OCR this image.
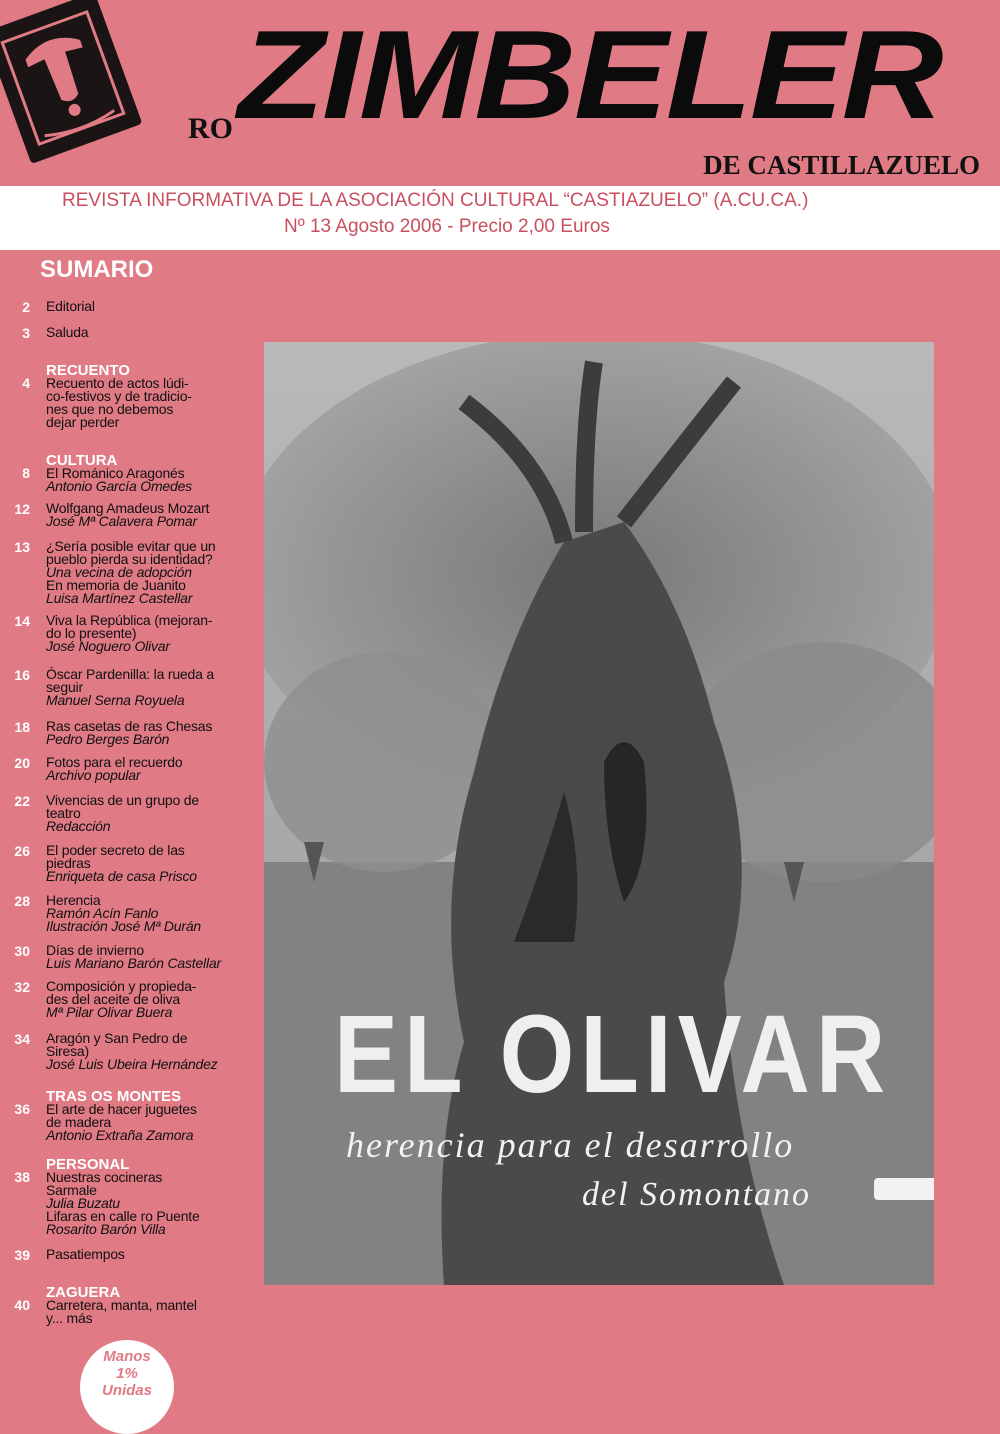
RO ZIMBELER
DE CASTILLAZUELO
REVISTA INFORMATIVA DE LA ASOCIACIÓN CULTURAL “CASTIAZUELO” (A.CU.CA.)
Nº 13 Agosto 2006 - Precio 2,00 Euros
SUMARIO
2 Editorial
3 Saluda
RECUENTO
4 Recuento de actos lúdi-
co-festivos y de tradicio-
nes que no debemos
dejar perder
CULTURA
8 El Románico Aragonés
Antonio García Omedes
12 Wolfgang Amadeus Mozart
José Mª Calavera Pomar
13 ¿Sería posible evitar que un
pueblo pierda su identidad?
Una vecina de adopción
En memoria de Juanito
Luisa Martínez Castellar
14 Viva la República (mejoran-
do lo presente)
José Noguero Olivar
16 Óscar Pardenilla: la rueda a
seguir
Manuel Serna Royuela
18 Ras casetas de ras Chesas
Pedro Berges Barón
20 Fotos para el recuerdo
Archivo popular
22 Vivencias de un grupo de
teatro
Redacción
26 El poder secreto de las
piedras
Enriqueta de casa Prisco
28 Herencia
Ramón Acín Fanlo
Ilustración José Mª Durán
30 Días de invierno
Luis Mariano Barón Castellar
32 Composición y propieda-
des del aceite de oliva
Mª Pilar Olivar Buera
34 Aragón y San Pedro de
Siresa)
José Luis Ubeira Hernández
TRAS OS MONTES
36 El arte de hacer juguetes
de madera
Antonio Extraña Zamora
PERSONAL
38 Nuestras cocineras
Sarmale
Julia Buzatu
Lifaras en calle ro Puente
Rosarito Barón Villa
39 Pasatiempos
ZAGUERA
40 Carretera, manta, mantel
y... más
EL OLIVAR
herencia para el desarrollo
del Somontano
Manos
1%
Unidas
